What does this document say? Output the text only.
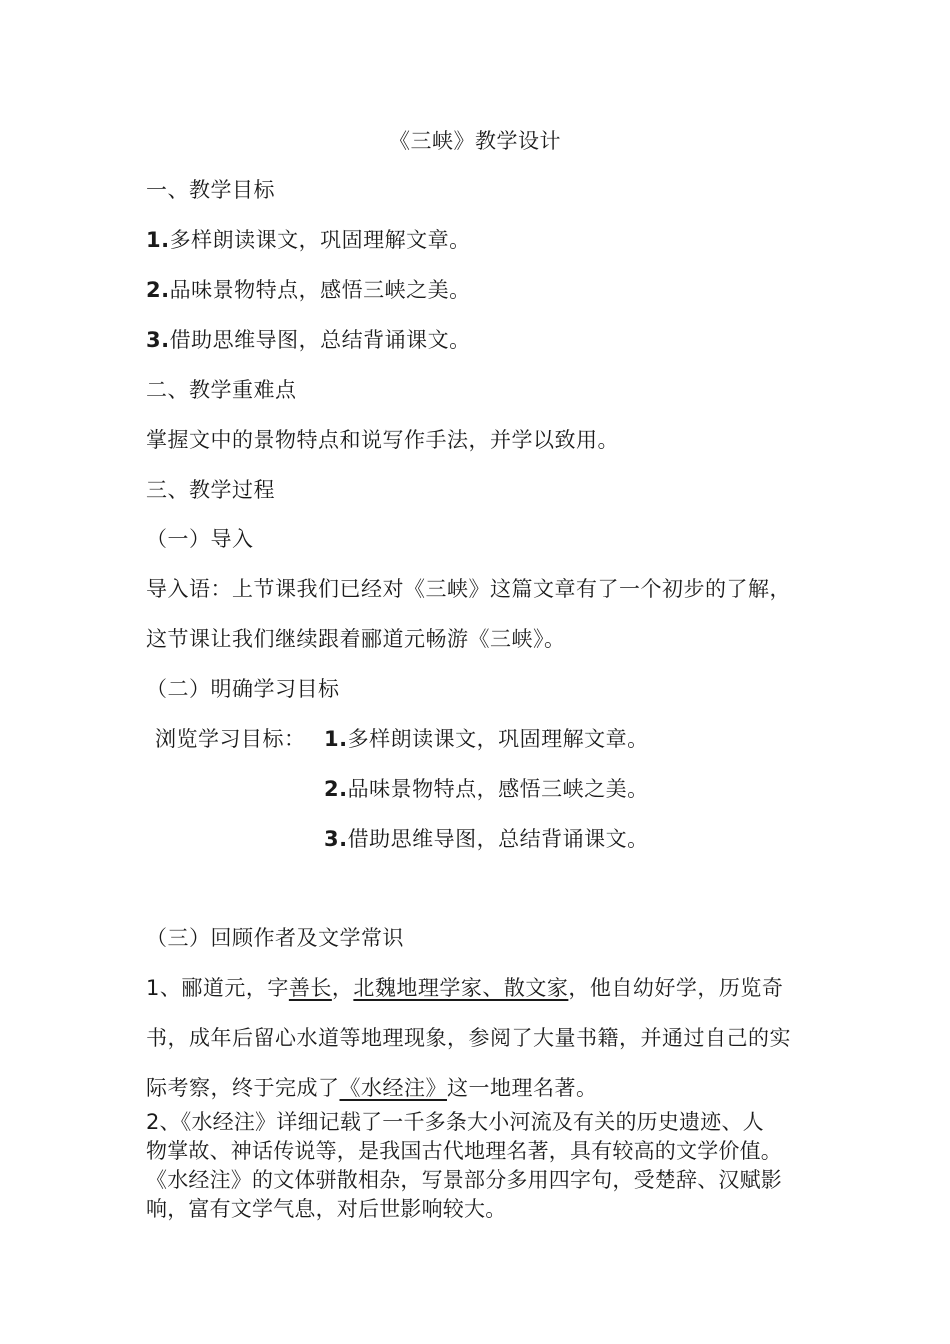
《三峡》教学设计
一、教学目标
1.多样朗读课文，巩固理解文章。
2.品味景物特点，感悟三峡之美。
3.借助思维导图，总结背诵课文。
二、教学重难点
掌握文中的景物特点和说写作手法，并学以致用。
三、教学过程
（一）导入
导入语：上节课我们已经对《三峡》这篇文章有了一个初步的了解，
这节课让我们继续跟着郦道元畅游《三峡》。
（二）明确学习目标
浏览学习目标： 1.多样朗读课文，巩固理解文章。
2.品味景物特点，感悟三峡之美。
3.借助思维导图，总结背诵课文。
（三）回顾作者及文学常识
1、郦道元，字善长，北魏地理学家、散文家，他自幼好学，历览奇
书，成年后留心水道等地理现象，参阅了大量书籍，并通过自己的实
际考察，终于完成了《水经注》这一地理名著。
2、《水经注》详细记载了一千多条大小河流及有关的历史遗迹、人
物掌故、神话传说等，是我国古代地理名著，具有较高的文学价值。
《水经注》的文体骈散相杂，写景部分多用四字句，受楚辞、汉赋影
响，富有文学气息，对后世影响较大。
